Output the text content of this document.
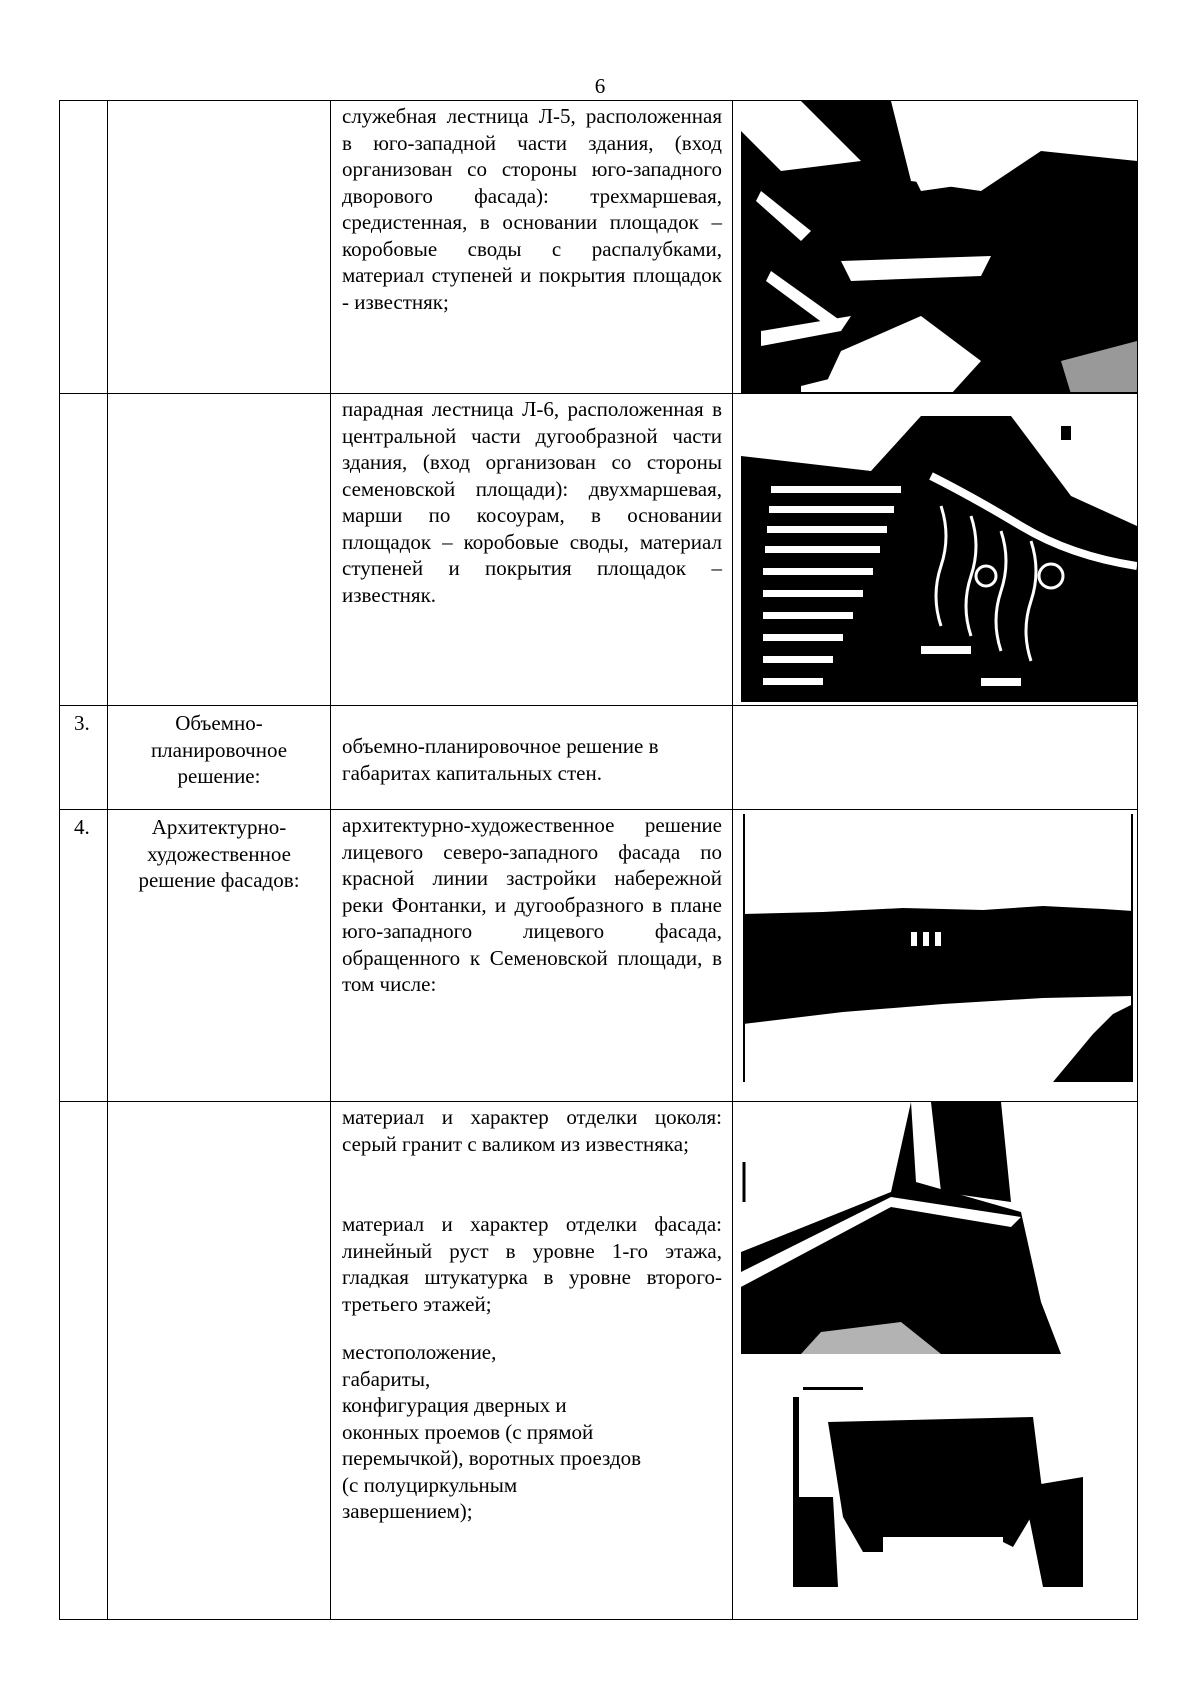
6

		служебная лестница Л-5, расположенная в юго-западной части здания, (вход организован со стороны юго-западного дворового фасада): трехмаршевая, средистенная, в основании площадок – коробовые своды с распалубками, материал ступеней и покрытия площадок - известняк;

		парадная лестница Л-6, расположенная в центральной части дугообразной части здания, (вход организован со стороны семеновской площади): двухмаршевая, марши по косоурам, в основании площадок – коробовые своды, материал ступеней и покрытия площадок – известняк.

3.	Объемно-планировочное решение:	объемно-планировочное решение в габаритах капитальных стен.	

4.	Архитектурно-художественное решение фасадов:	архитектурно-художественное решение лицевого северо-западного фасада по красной линии застройки набережной реки Фонтанки, и дугообразного в плане юго-западного лицевого фасада, обращенного к Семеновской площади, в том числе:

		материал и характер отделки цоколя: серый гранит с валиком из известняка;

материал и характер отделки фасада: линейный руст в уровне 1-го этажа, гладкая штукатурка в уровне второго-третьего этажей;

местоположение,

габариты,

конфигурация дверных и оконных проемов (с прямой перемычкой), воротных проездов (с полуциркульным завершением);
